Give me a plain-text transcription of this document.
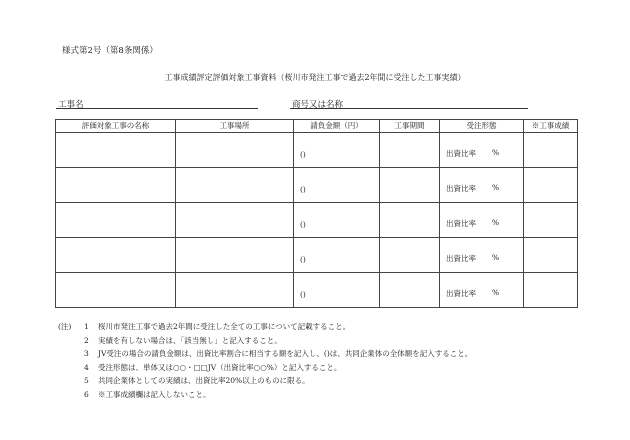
様式第2号（第8条関係）
工事成績評定評価対象工事資料（桜川市発注工事で過去2年間に受注した工事実績）
工事名	商号又は名称
評価対象工事の名称	工事場所	請負金額（円）	工事期間	受注形態	※工事成績

		()		出資比率 %	

		()		出資比率 %	

		()		出資比率 %	

		()		出資比率 %	

		()		出資比率 %	

(注)	1	桜川市発注工事で過去2年間に受注した全ての工事について記載すること。
2	実績を有しない場合は、「該当無し」と記入すること。
3	JV受注の場合の請負金額は、出資比率割合に相当する額を記入し、()は、共同企業体の全体額を記入すること。
4	受注形態は、単体又は○○・□□JV（出資比率○○%）と記入すること。
5	共同企業体としての実績は、出資比率20%以上のものに限る。
6	※工事成績欄は記入しないこと。
